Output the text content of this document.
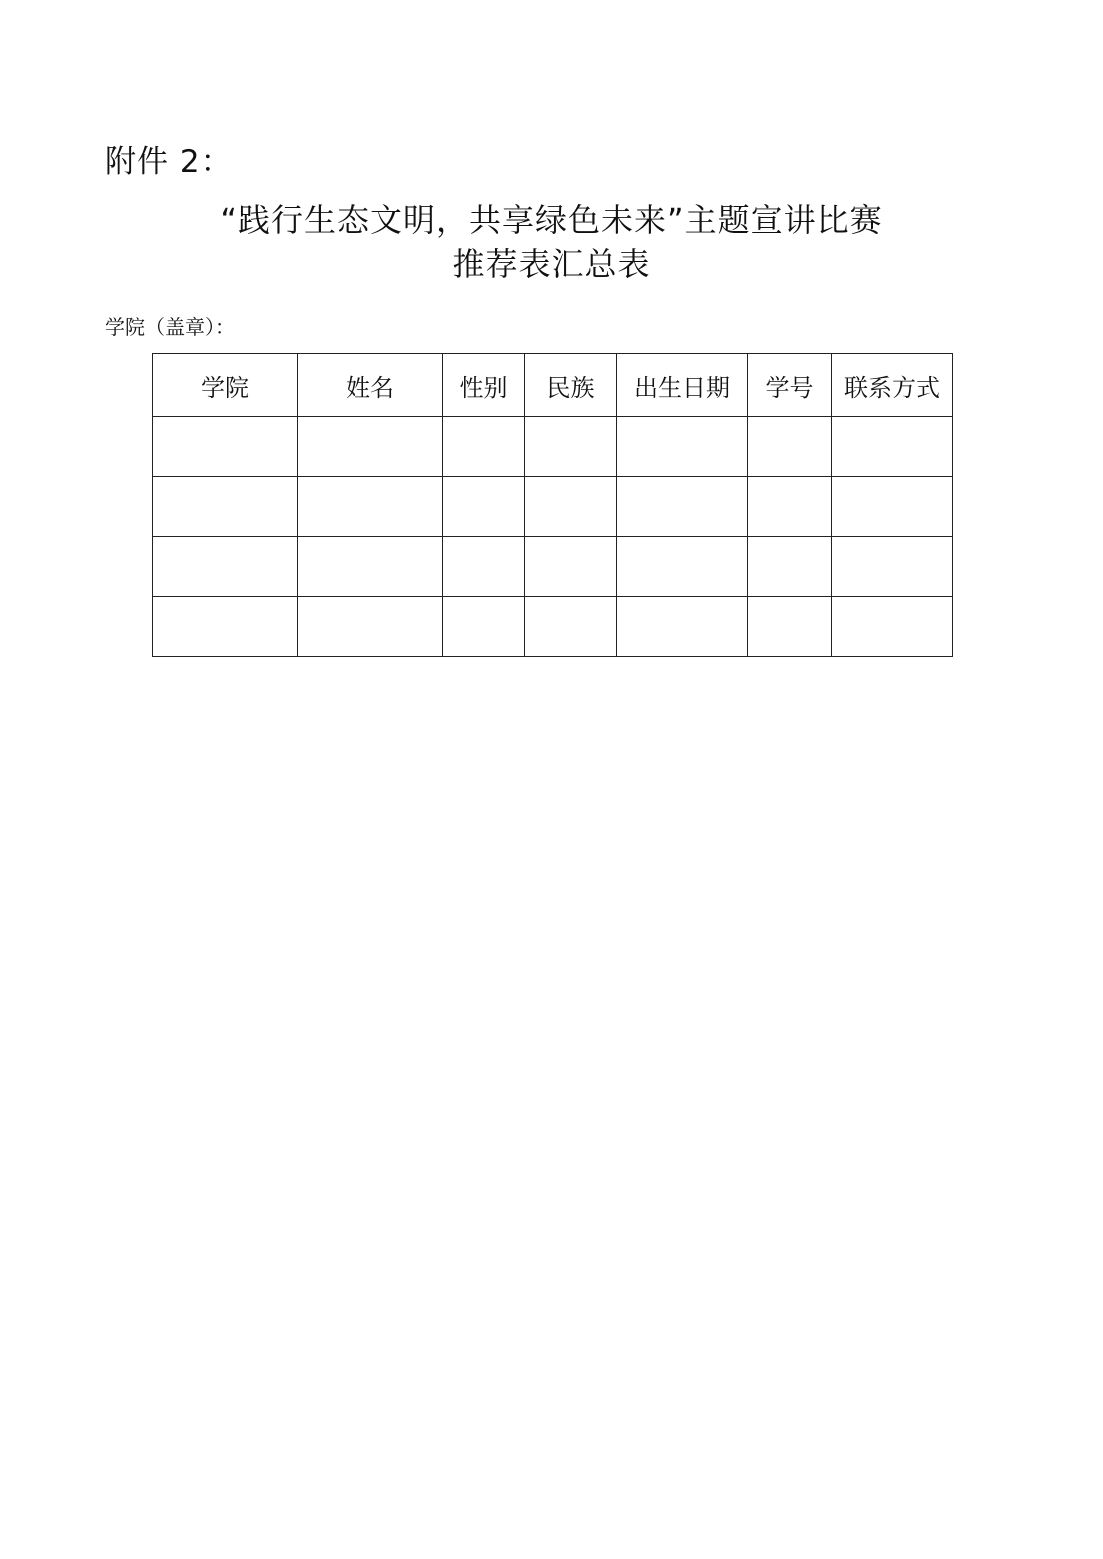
附件 2：
“践行生态文明，共享绿色未来”主题宣讲比赛
推荐表汇总表
学院（盖章）：
学院	姓名	性别	民族	出生日期	学号	联系方式
